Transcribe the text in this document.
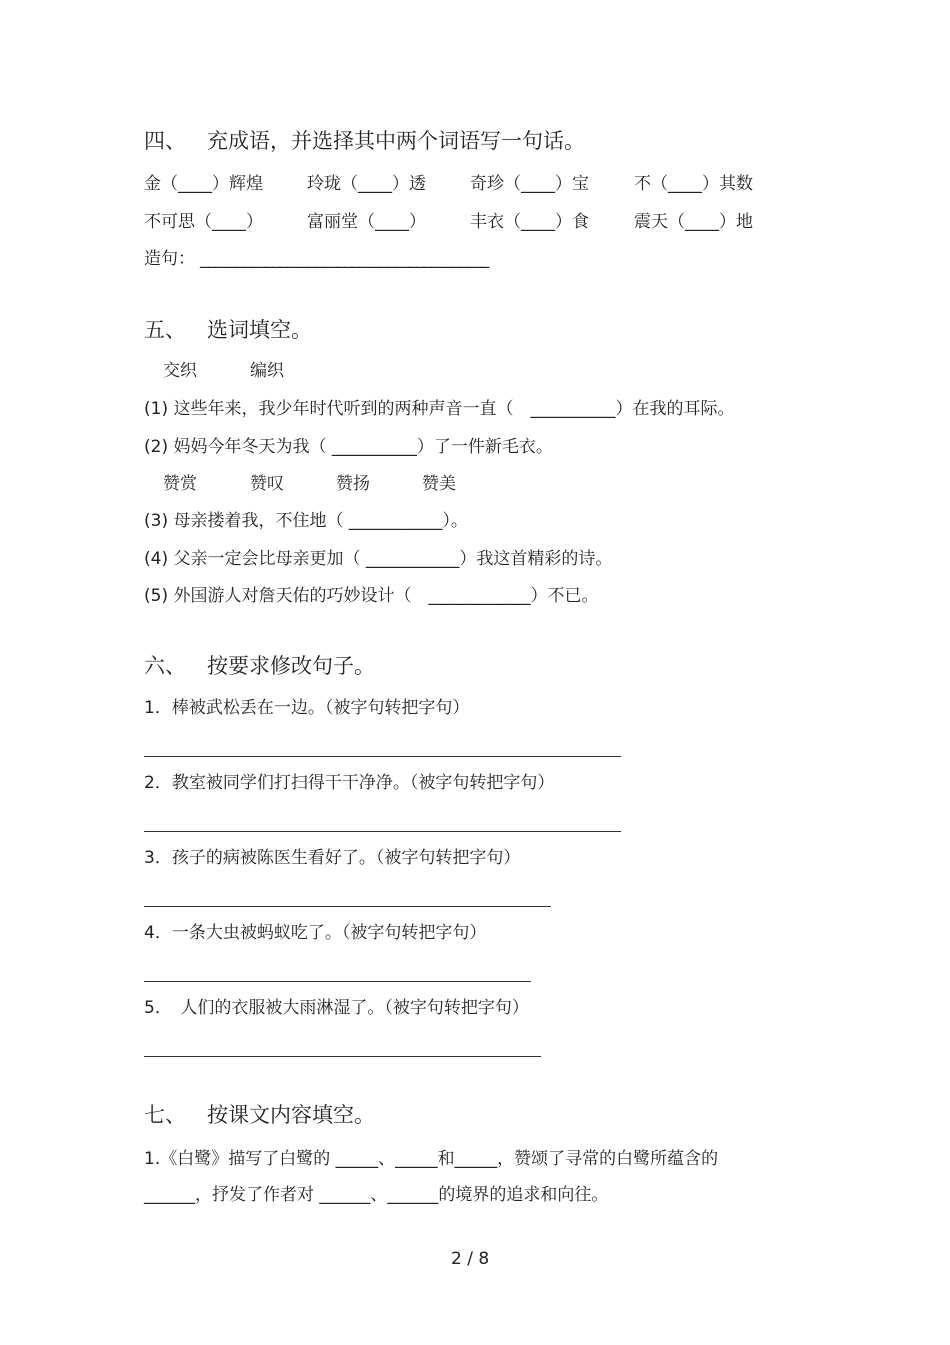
四、 充成语，并选择其中两个词语写一句话。
金（____）辉煌	玲珑（____）透	奇珍（____）宝	不（____）其数
不可思（____）	富丽堂（____）	丰衣（____）食	震天（____）地
造句： ________________________________________
五、 选词填空。
交织	编织
(1) 这些年来，我少年时代听到的两种声音一直（　__________）在我的耳际。
(2) 妈妈今年冬天为我（ __________）了一件新毛衣。
赞赏	赞叹	赞扬	赞美
(3) 母亲搂着我，不住地（ ___________）。
(4) 父亲一定会比母亲更加（ ___________）我这首精彩的诗。
(5) 外国游人对詹天佑的巧妙设计（　____________）不已。
六、 按要求修改句子。
1．棒被武松丢在一边。（被字句转把字句）
2．教室被同学们打扫得干干净净。（被字句转把字句）
3．孩子的病被陈医生看好了。（被字句转把字句）
4．一条大虫被蚂蚁吃了。（被字句转把字句）
5．　人们的衣服被大雨淋湿了。（被字句转把字句）
七、 按课文内容填空。
1.《白鹭》描写了白鹭的 _____、_____和_____，赞颂了寻常的白鹭所蕴含的
______，抒发了作者对 ______、______的境界的追求和向往。
2 / 8
